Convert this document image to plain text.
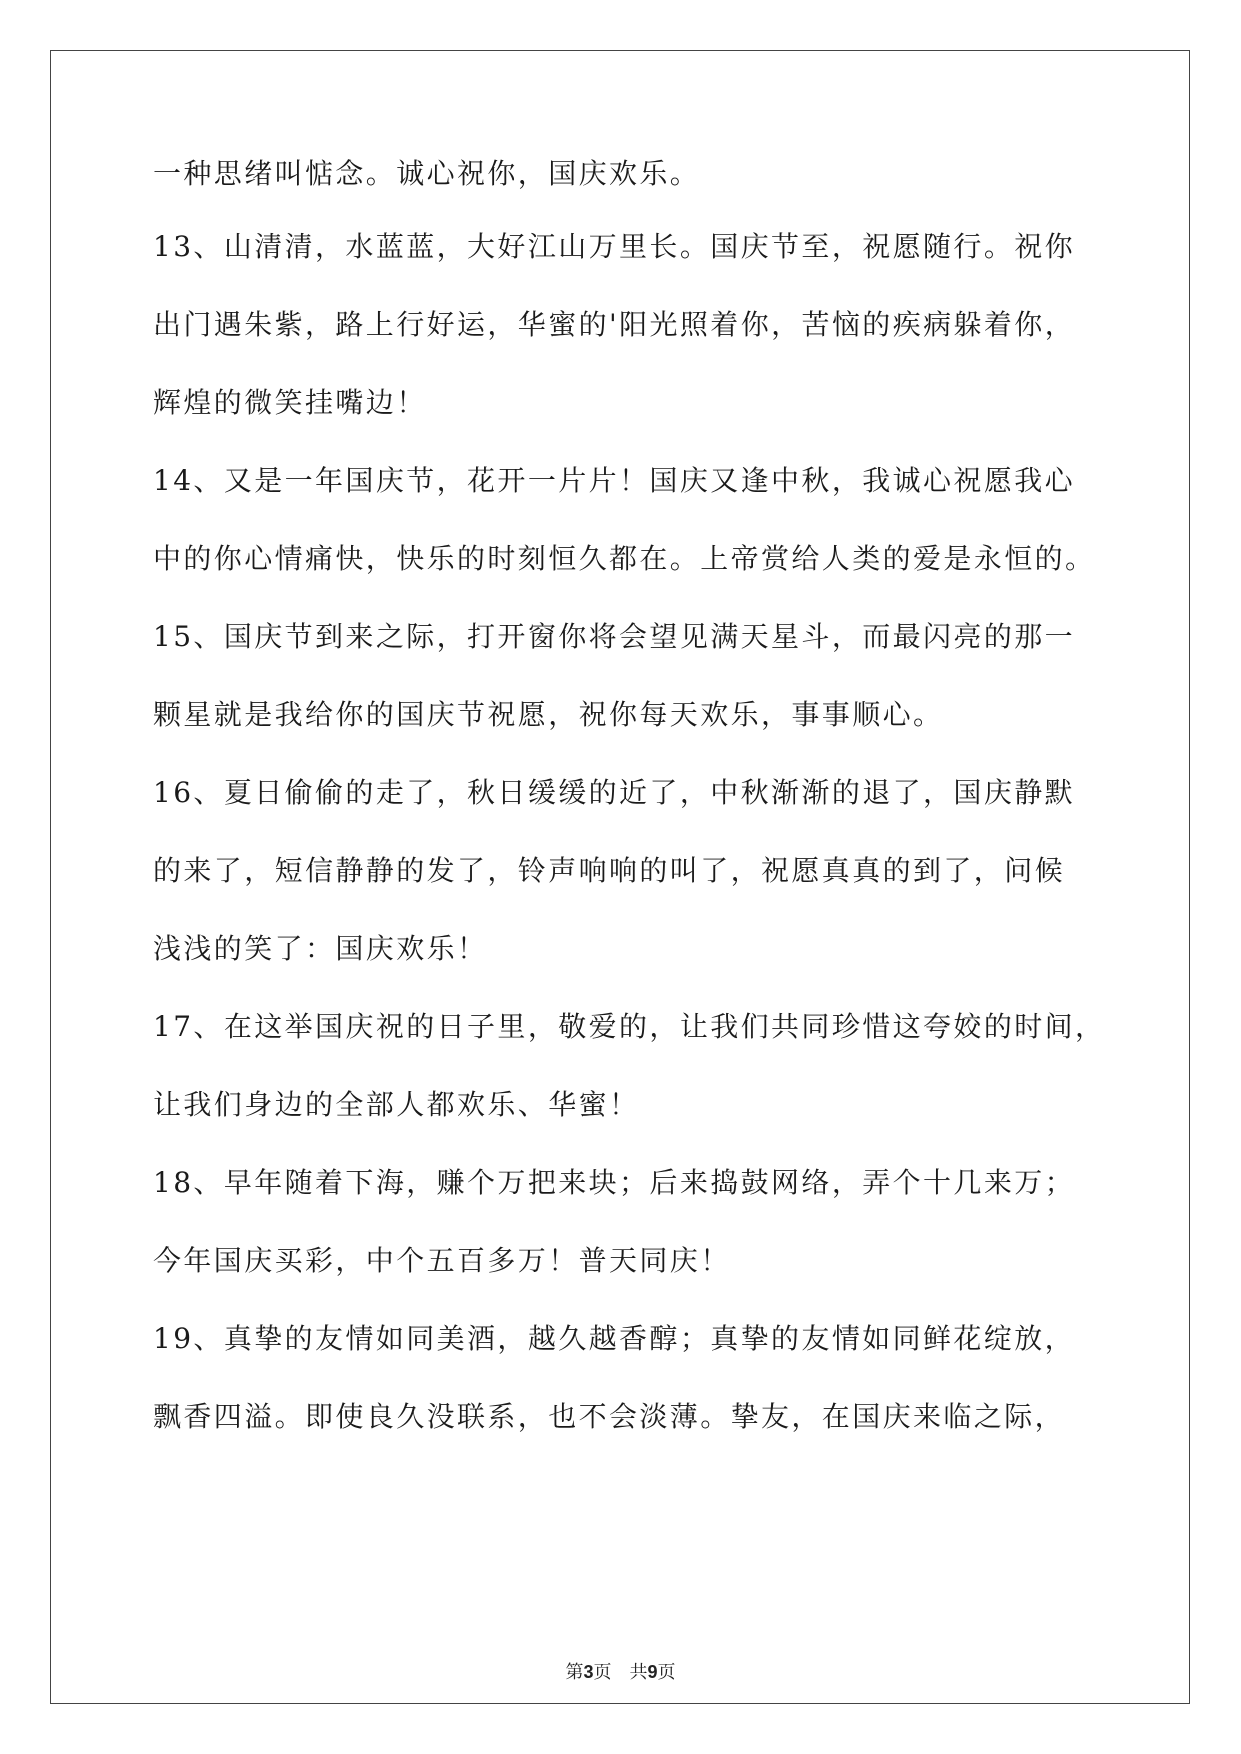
一种思绪叫惦念。诚心祝你，国庆欢乐。
13、山清清，水蓝蓝，大好江山万里长。国庆节至，祝愿随行。祝你
出门遇朱紫，路上行好运，华蜜的'阳光照着你，苦恼的疾病躲着你，
辉煌的微笑挂嘴边！
14、又是一年国庆节，花开一片片！国庆又逢中秋，我诚心祝愿我心
中的你心情痛快，快乐的时刻恒久都在。上帝赏给人类的爱是永恒的。
15、国庆节到来之际，打开窗你将会望见满天星斗，而最闪亮的那一
颗星就是我给你的国庆节祝愿，祝你每天欢乐，事事顺心。
16、夏日偷偷的走了，秋日缓缓的近了，中秋渐渐的退了，国庆静默
的来了，短信静静的发了，铃声响响的叫了，祝愿真真的到了，问候
浅浅的笑了：国庆欢乐！
17、在这举国庆祝的日子里，敬爱的，让我们共同珍惜这夸姣的时间，
让我们身边的全部人都欢乐、华蜜！
18、早年随着下海，赚个万把来块；后来捣鼓网络，弄个十几来万；
今年国庆买彩，中个五百多万！普天同庆！
19、真挚的友情如同美酒，越久越香醇；真挚的友情如同鲜花绽放，
飘香四溢。即使良久没联系，也不会淡薄。挚友，在国庆来临之际，
第3页 共9页
